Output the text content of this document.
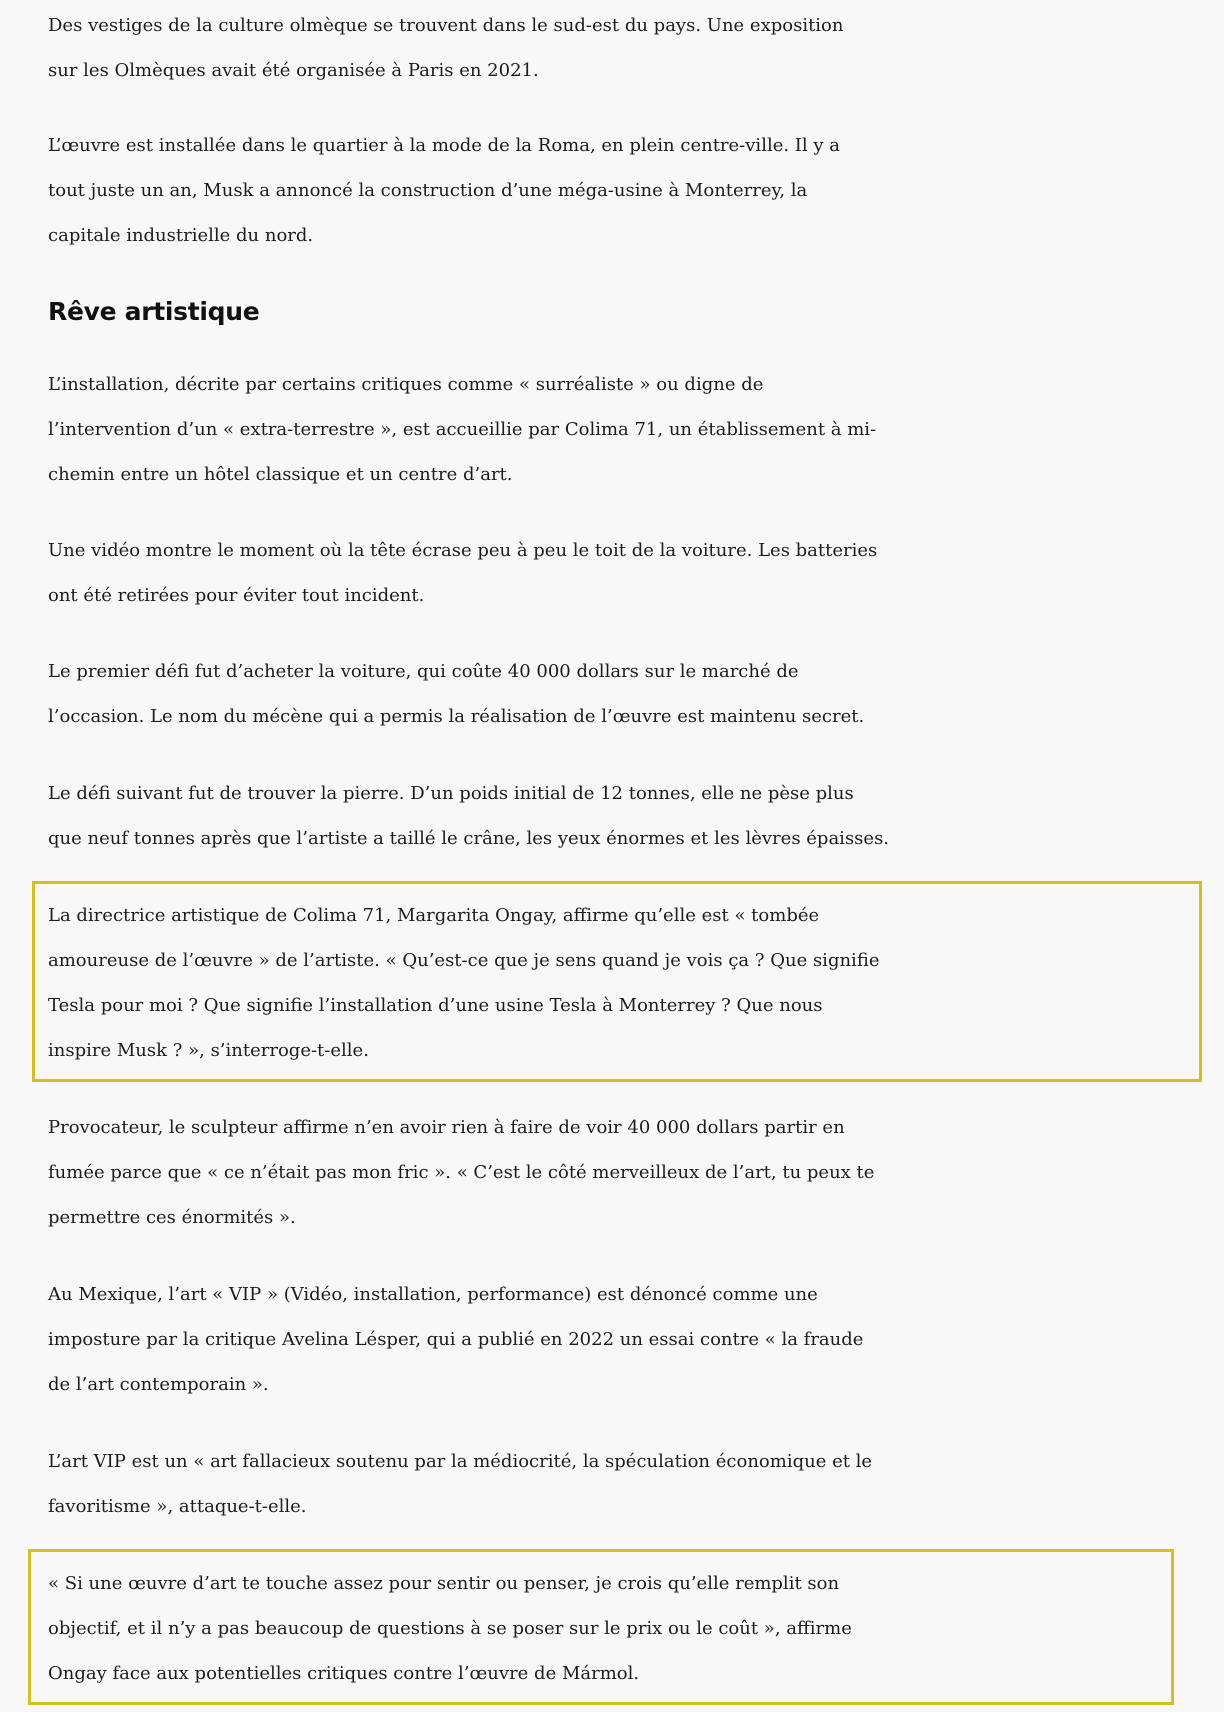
Des vestiges de la culture olmèque se trouvent dans le sud-est du pays. Une exposition

sur les Olmèques avait été organisée à Paris en 2021.

L’œuvre est installée dans le quartier à la mode de la Roma, en plein centre-ville. Il y a

tout juste un an, Musk a annoncé la construction d’une méga-usine à Monterrey, la

capitale industrielle du nord.

Rêve artistique

L’installation, décrite par certains critiques comme « surréaliste » ou digne de

l’intervention d’un « extra-terrestre », est accueillie par Colima 71, un établissement à mi-

chemin entre un hôtel classique et un centre d’art.

Une vidéo montre le moment où la tête écrase peu à peu le toit de la voiture. Les batteries

ont été retirées pour éviter tout incident.

Le premier défi fut d’acheter la voiture, qui coûte 40 000 dollars sur le marché de

l’occasion. Le nom du mécène qui a permis la réalisation de l’œuvre est maintenu secret.

Le défi suivant fut de trouver la pierre. D’un poids initial de 12 tonnes, elle ne pèse plus

que neuf tonnes après que l’artiste a taillé le crâne, les yeux énormes et les lèvres épaisses.

La directrice artistique de Colima 71, Margarita Ongay, affirme qu’elle est « tombée

amoureuse de l’œuvre » de l’artiste. « Qu’est-ce que je sens quand je vois ça ? Que signifie

Tesla pour moi ? Que signifie l’installation d’une usine Tesla à Monterrey ? Que nous

inspire Musk ? », s’interroge-t-elle.

Provocateur, le sculpteur affirme n’en avoir rien à faire de voir 40 000 dollars partir en

fumée parce que « ce n’était pas mon fric ». « C’est le côté merveilleux de l’art, tu peux te

permettre ces énormités ».

Au Mexique, l’art « VIP » (Vidéo, installation, performance) est dénoncé comme une

imposture par la critique Avelina Lésper, qui a publié en 2022 un essai contre « la fraude

de l’art contemporain ».

L’art VIP est un « art fallacieux soutenu par la médiocrité, la spéculation économique et le

favoritisme », attaque-t-elle.

« Si une œuvre d’art te touche assez pour sentir ou penser, je crois qu’elle remplit son

objectif, et il n’y a pas beaucoup de questions à se poser sur le prix ou le coût », affirme

Ongay face aux potentielles critiques contre l’œuvre de Mármol.
